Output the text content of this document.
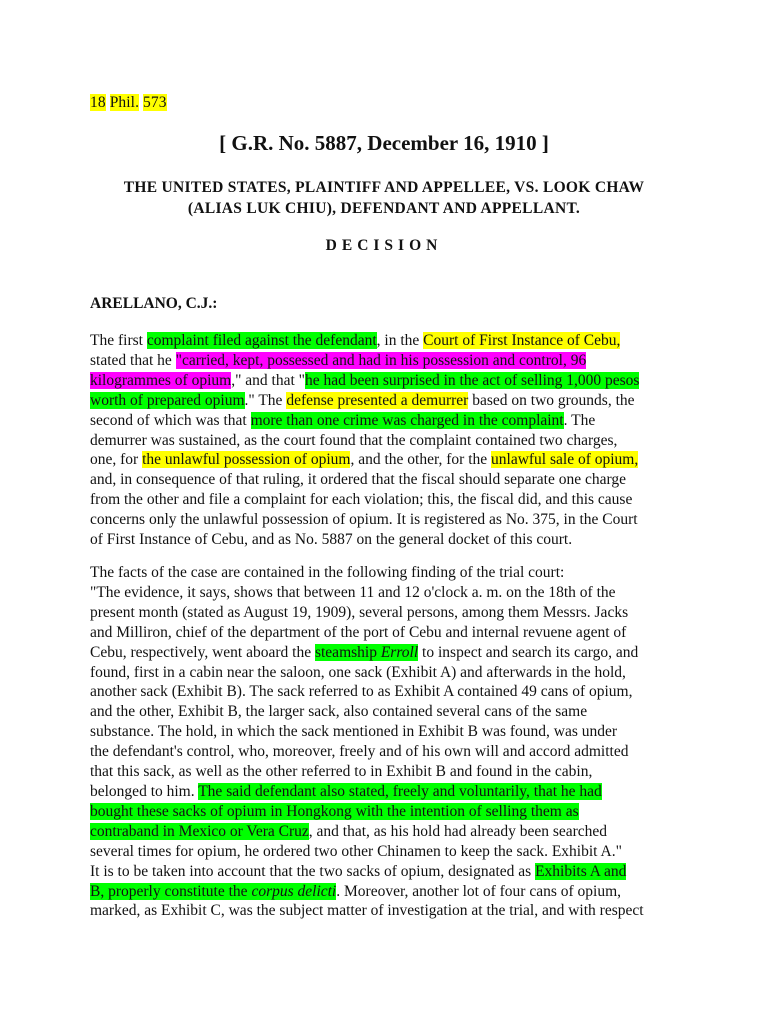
18 Phil. 573
[ G.R. No. 5887, December 16, 1910 ]
THE UNITED STATES, PLAINTIFF AND APPELLEE, VS. LOOK CHAW
(ALIAS LUK CHIU), DEFENDANT AND APPELLANT.
DECISION
ARELLANO, C.J.:
The first complaint filed against the defendant, in the Court of First Instance of Cebu,
stated that he "carried, kept, possessed and had in his possession and control, 96
kilogrammes of opium," and that "he had been surprised in the act of selling 1,000 pesos
worth of prepared opium." The defense presented a demurrer based on two grounds, the
second of which was that more than one crime was charged in the complaint. The
demurrer was sustained, as the court found that the complaint contained two charges,
one, for the unlawful possession of opium, and the other, for the unlawful sale of opium,
and, in consequence of that ruling, it ordered that the fiscal should separate one charge
from the other and file a complaint for each violation; this, the fiscal did, and this cause
concerns only the unlawful possession of opium. It is registered as No. 375, in the Court
of First Instance of Cebu, and as No. 5887 on the general docket of this court.
The facts of the case are contained in the following finding of the trial court:
"The evidence, it says, shows that between 11 and 12 o'clock a. m. on the 18th of the
present month (stated as August 19, 1909), several persons, among them Messrs. Jacks
and Milliron, chief of the department of the port of Cebu and internal revuene agent of
Cebu, respectively, went aboard the steamship Erroll to inspect and search its cargo, and
found, first in a cabin near the saloon, one sack (Exhibit A) and afterwards in the hold,
another sack (Exhibit B). The sack referred to as Exhibit A contained 49 cans of opium,
and the other, Exhibit B, the larger sack, also contained several cans of the same
substance. The hold, in which the sack mentioned in Exhibit B was found, was under
the defendant's control, who, moreover, freely and of his own will and accord admitted
that this sack, as well as the other referred to in Exhibit B and found in the cabin,
belonged to him. The said defendant also stated, freely and voluntarily, that he had
bought these sacks of opium in Hongkong with the intention of selling them as
contraband in Mexico or Vera Cruz, and that, as his hold had already been searched
several times for opium, he ordered two other Chinamen to keep the sack. Exhibit A."
It is to be taken into account that the two sacks of opium, designated as Exhibits A and
B, properly constitute the corpus delicti. Moreover, another lot of four cans of opium,
marked, as Exhibit C, was the subject matter of investigation at the trial, and with respect
